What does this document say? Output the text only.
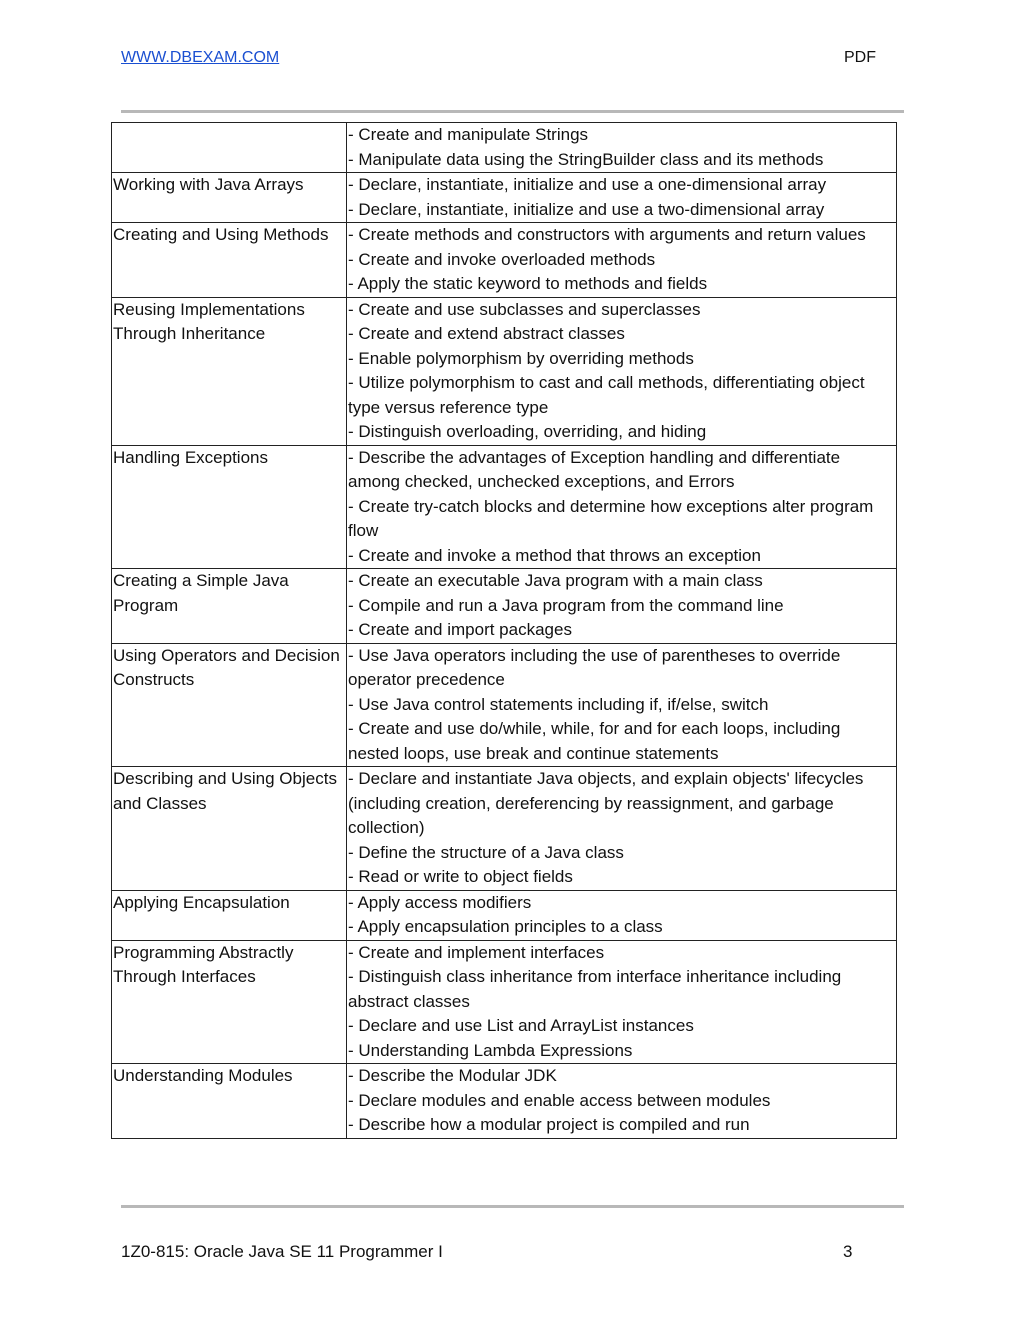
WWW.DBEXAM.COM	PDF

	- Create and manipulate Strings
- Manipulate data using the StringBuilder class and its methods

Working with Java Arrays	- Declare, instantiate, initialize and use a one-dimensional array
- Declare, instantiate, initialize and use a two-dimensional array

Creating and Using Methods	- Create methods and constructors with arguments and return values
- Create and invoke overloaded methods
- Apply the static keyword to methods and fields

Reusing Implementations Through Inheritance	- Create and use subclasses and superclasses
- Create and extend abstract classes
- Enable polymorphism by overriding methods
- Utilize polymorphism to cast and call methods, differentiating object type versus reference type
- Distinguish overloading, overriding, and hiding

Handling Exceptions	- Describe the advantages of Exception handling and differentiate among checked, unchecked exceptions, and Errors
- Create try-catch blocks and determine how exceptions alter program flow
- Create and invoke a method that throws an exception

Creating a Simple Java Program	- Create an executable Java program with a main class
- Compile and run a Java program from the command line
- Create and import packages

Using Operators and Decision Constructs	- Use Java operators including the use of parentheses to override operator precedence
- Use Java control statements including if, if/else, switch
- Create and use do/while, while, for and for each loops, including nested loops, use break and continue statements

Describing and Using Objects and Classes	- Declare and instantiate Java objects, and explain objects' lifecycles (including creation, dereferencing by reassignment, and garbage collection)
- Define the structure of a Java class
- Read or write to object fields

Applying Encapsulation	- Apply access modifiers
- Apply encapsulation principles to a class

Programming Abstractly Through Interfaces	- Create and implement interfaces
- Distinguish class inheritance from interface inheritance including abstract classes
- Declare and use List and ArrayList instances
- Understanding Lambda Expressions

Understanding Modules	- Describe the Modular JDK
- Declare modules and enable access between modules
- Describe how a modular project is compiled and run
1Z0-815: Oracle Java SE 11 Programmer I	3
